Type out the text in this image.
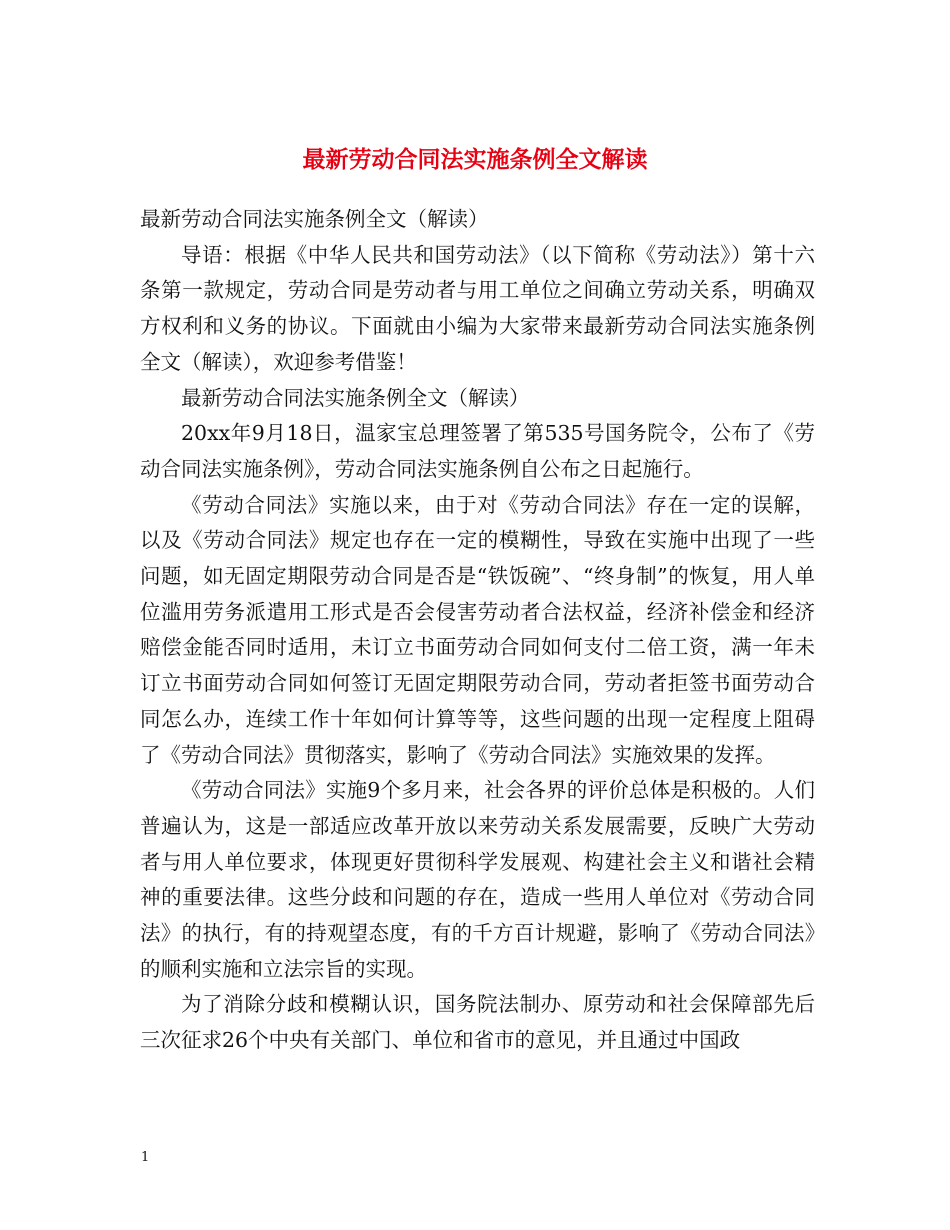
最新劳动合同法实施条例全文解读

最新劳动合同法实施条例全文（解读）

导语：根据《中华人民共和国劳动法》（以下简称《劳动法》）第十六条第一款规定，劳动合同是劳动者与用工单位之间确立劳动关系，明确双方权利和义务的协议。下面就由小编为大家带来最新劳动合同法实施条例全文（解读），欢迎参考借鉴！

最新劳动合同法实施条例全文（解读）

20xx年9月18日，温家宝总理签署了第535号国务院令，公布了《劳动合同法实施条例》，劳动合同法实施条例自公布之日起施行。

《劳动合同法》实施以来，由于对《劳动合同法》存在一定的误解，以及《劳动合同法》规定也存在一定的模糊性，导致在实施中出现了一些问题，如无固定期限劳动合同是否是“铁饭碗”、“终身制”的恢复，用人单位滥用劳务派遣用工形式是否会侵害劳动者合法权益，经济补偿金和经济赔偿金能否同时适用，未订立书面劳动合同如何支付二倍工资，满一年未订立书面劳动合同如何签订无固定期限劳动合同，劳动者拒签书面劳动合同怎么办，连续工作十年如何计算等等，这些问题的出现一定程度上阻碍了《劳动合同法》贯彻落实，影响了《劳动合同法》实施效果的发挥。

《劳动合同法》实施9个多月来，社会各界的评价总体是积极的。人们普遍认为，这是一部适应改革开放以来劳动关系发展需要，反映广大劳动者与用人单位要求，体现更好贯彻科学发展观、构建社会主义和谐社会精神的重要法律。这些分歧和问题的存在，造成一些用人单位对《劳动合同法》的执行，有的持观望态度，有的千方百计规避，影响了《劳动合同法》的顺利实施和立法宗旨的实现。

为了消除分歧和模糊认识，国务院法制办、原劳动和社会保障部先后三次征求26个中央有关部门、单位和省市的意见，并且通过中国政

1
